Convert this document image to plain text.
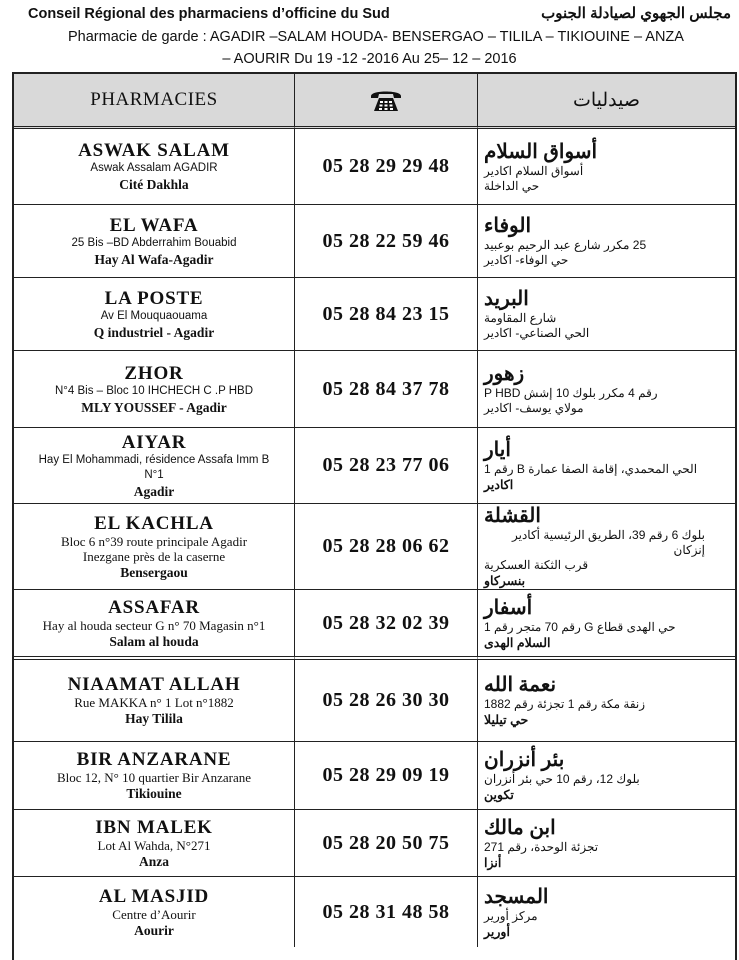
Conseil Régional des pharmaciens d’officine du Sud	مجلس الجهوي لصيادلة الجنوب
Pharmacie de garde : AGADIR –SALAM HOUDA- BENSERGAO – TILILA – TIKIOUINE – ANZA
– AOURIR Du 19 -12 -2016 Au 25– 12 – 2016
PHARMACIES	صيدليات
ASWAK SALAM
Aswak Assalam AGADIR
Cité Dakhla
05 28 29 29 48
أسواق السلام
أسواق السلام اكادير
حي الداخلة
EL WAFA
25 Bis –BD Abderrahim Bouabid
Hay Al Wafa-Agadir
05 28 22 59 46
الوفاء
25 مكرر شارع عبد الرحيم بوعبيد
حي الوفاء- اكادير
LA POSTE
Av El Mouquaouama
Q industriel - Agadir
05 28 84 23 15
البريد
شارع المقاومة
الحي الصناعي- اكادير
ZHOR
N°4 Bis – Bloc 10 IHCHECH C .P HBD
MLY YOUSSEF - Agadir
05 28 84 37 78
زهور
رقم 4 مكرر بلوك 10 إشش P HBD
مولاي يوسف- اكادير
AIYAR
Hay El Mohammadi, résidence Assafa Imm B
N°1
Agadir
05 28 23 77 06
أيار
الحي المحمدي، إقامة الصفا عمارة B رقم 1
اكادير
EL KACHLA
Bloc 6 n°39 route principale Agadir
Inezgane près de la caserne
Bensergaou
05 28 28 06 62
القشلة
بلوك 6 رقم 39، الطريق الرئيسية أكادير إنزكان
قرب الثكنة العسكرية
بنسركاو
ASSAFAR
Hay al houda secteur G n° 70 Magasin n°1
Salam al houda
05 28 32 02 39
أسفار
حي الهدى قطاع G رقم 70 متجر رقم 1
السلام الهدى
NIAAMAT ALLAH
Rue MAKKA n° 1 Lot n°1882
Hay Tilila
05 28 26 30 30
نعمة الله
زنقة مكة رقم 1 تجزئة رقم 1882
حي تيليلا
BIR ANZARANE
Bloc 12, N° 10 quartier Bir Anzarane
Tikiouine
05 28 29 09 19
بئر أنزران
بلوك 12، رقم 10 حي بئر أنزران
تكوين
IBN MALEK
Lot Al Wahda, N°271
Anza
05 28 20 50 75
ابن مالك
تجزئة الوحدة، رقم 271
أنزا
AL MASJID
Centre d’Aourir
Aourir
05 28 31 48 58
المسجد
مركز أورير
أورير
